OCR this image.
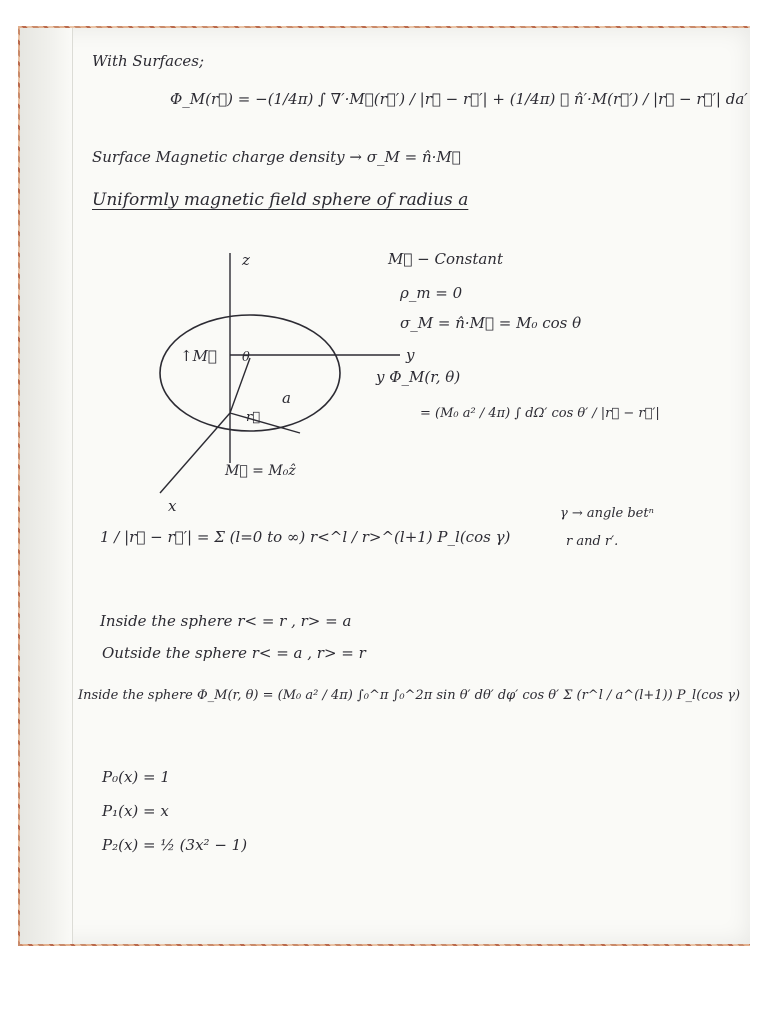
With Surfaces;
Φ_M(r⃗) = −(1/4π) ∫ ∇′·M⃗(r⃗′) / |r⃗ − r⃗′| + (1/4π) ∮ n̂′·M(r⃗′) / |r⃗ − r⃗′| da′
Surface Magnetic charge density → σ_M = n̂·M⃗
Uniformly magnetic field sphere of radius a
z
y
x
↑M⃗ θ
a
r⃗
M⃗ = M₀ẑ
M⃗ − Constant
ρ_m = 0
σ_M = n̂·M⃗ = M₀ cos θ
y Φ_M(r, θ)
= (M₀ a² / 4π) ∫ dΩ′ cos θ′ / |r⃗ − r⃗′|
1 / |r⃗ − r⃗′| = Σ (l=0 to ∞) r<^l / r>^(l+1) P_l(cos γ)
γ → angle betⁿ
r and r′.
Inside the sphere r< = r , r> = a
Outside the sphere r< = a , r> = r
Inside the sphere Φ_M(r, θ) = (M₀ a² / 4π) ∫₀^π ∫₀^2π sin θ′ dθ′ dφ′ cos θ′ Σ (r^l / a^(l+1)) P_l(cos γ)
P₀(x) = 1
P₁(x) = x
P₂(x) = ½ (3x² − 1)
